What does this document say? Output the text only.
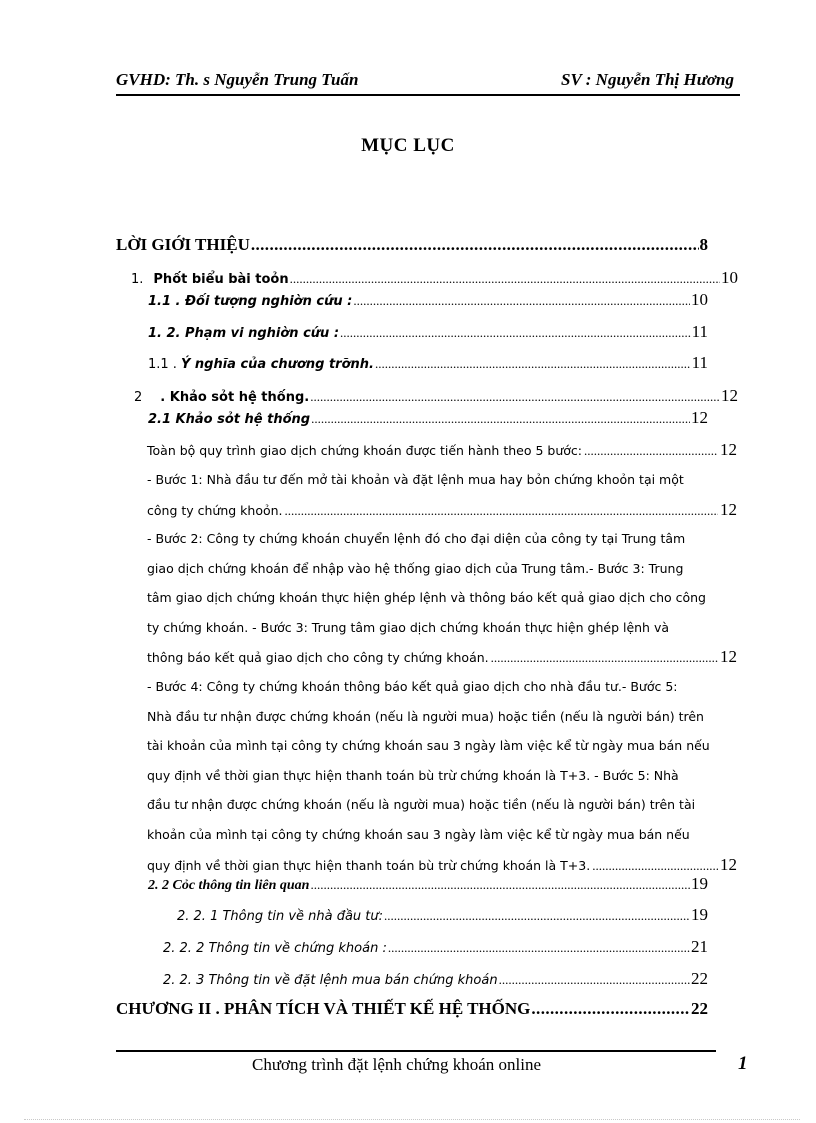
GVHD: Th. s Nguyễn Trung Tuấn	SV : Nguyễn Thị Hương
MỤC LỤC
LỜI GIỚI THIỆU .....	8
1. Phốt biểu bài toỏn .....	10
1.1 . Đối tượng nghiờn cứu : .....	10
1. 2. Phạm vi nghiờn cứu : .....	11
1.1 . Ý nghĩa của chương trỡnh. .....	11
2 . Khảo sỏt hệ thống. .....	12
2.1 Khảo sỏt hệ thống .....	12
Toàn bộ quy trình giao dịch chứng khoán được tiến hành theo 5 bước: .....	12
- Bước 1: Nhà đầu tư đến mở tài khoản và đặt lệnh mua hay bỏn chứng khoỏn tại một
công ty chứng khoỏn. .....	12
- Bước 2: Công ty chứng khoán chuyển lệnh đó cho đại diện của công ty tại Trung tâm
giao dịch chứng khoán để nhập vào hệ thống giao dịch của Trung tâm.- Bước 3: Trung
tâm giao dịch chứng khoán thực hiện ghép lệnh và thông báo kết quả giao dịch cho công
ty chứng khoán. - Bước 3: Trung tâm giao dịch chứng khoán thực hiện ghép lệnh và
thông báo kết quả giao dịch cho công ty chứng khoán. .....	12
- Bước 4: Công ty chứng khoán thông báo kết quả giao dịch cho nhà đầu tư.- Bước 5:
Nhà đầu tư nhận được chứng khoán (nếu là người mua) hoặc tiền (nếu là người bán) trên
tài khoản của mình tại công ty chứng khoán sau 3 ngày làm việc kể từ ngày mua bán nếu
quy định về thời gian thực hiện thanh toán bù trừ chứng khoán là T+3. - Bước 5: Nhà
đầu tư nhận được chứng khoán (nếu là người mua) hoặc tiền (nếu là người bán) trên tài
khoản của mình tại công ty chứng khoán sau 3 ngày làm việc kể từ ngày mua bán nếu
quy định về thời gian thực hiện thanh toán bù trừ chứng khoán là T+3. .....	12
2. 2 Cỏc thông tin liên quan .....	19
2. 2. 1 Thông tin về nhà đầu tư: .....	19
2. 2. 2 Thông tin về chứng khoán : .....	21
2. 2. 3 Thông tin về đặt lệnh mua bán chứng khoán .....	22
CHƯƠNG II . PHÂN TÍCH VÀ THIẾT KẾ HỆ THỐNG .....	22
Chương trình đặt lệnh chứng khoán online	1
